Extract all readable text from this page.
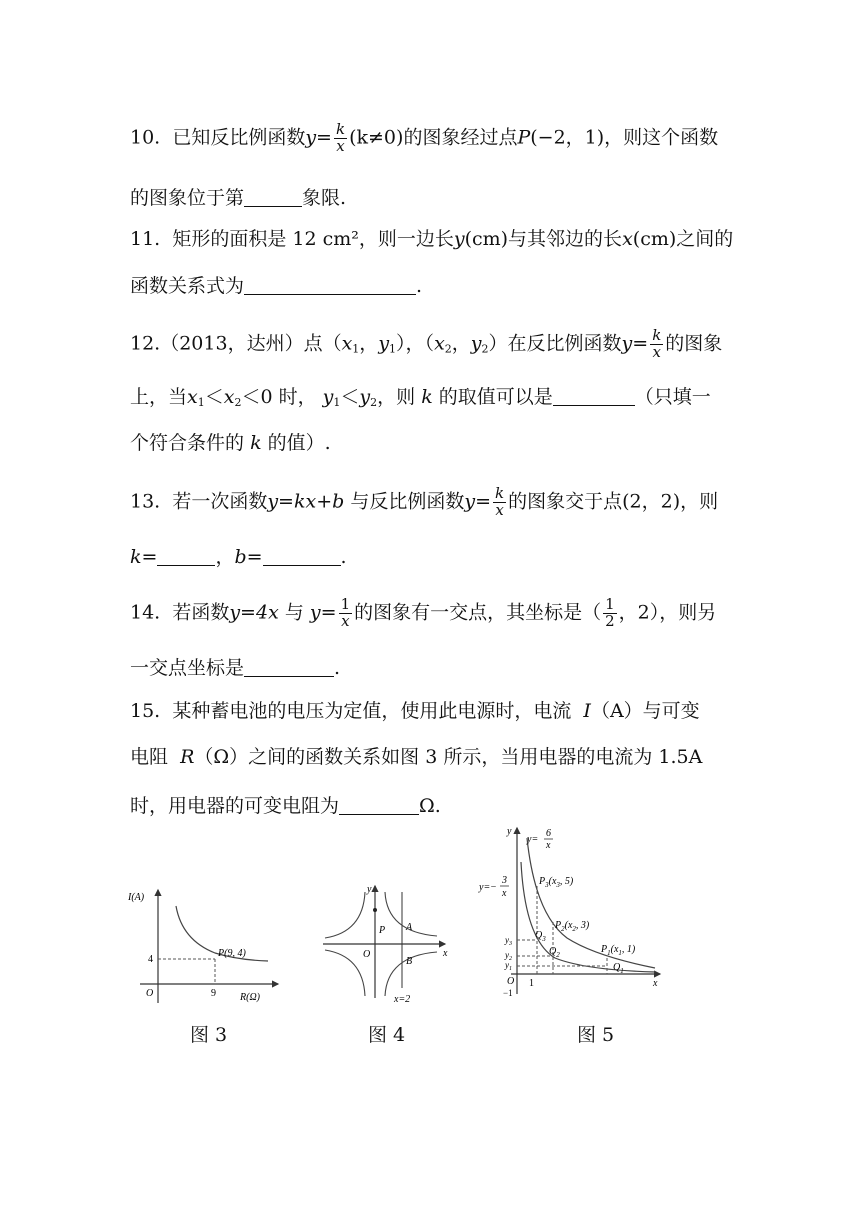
10. 已知反比例函数$y= \frac{k}{x} (k\ne 0)$的图象经过点P(−2，1)，则这个函数
的图象位于第	象限.
11. 矩形的面积是 12 cm²，则一边长y(cm)与其邻边的长x(cm)之间的
函数关系式为	.
12.（2013，达州）点（$x_1$，$y_1$），（$x_2$，$y_2$）在反比例函数$y= \frac{k}{x}$ 的图象
上，当$x_1<x_2<0$ 时， $y_1<y_2$，则 k 的取值可以是	（只填一
个符合条件的 k 的值）.
13. 若一次函数y=kx+b 与反比例函数$y= \frac{k}{x}$ 的图象交于点(2，2)，则
k=	，b=	.
14. 若函数y=4x 与 $y= \frac{1}{x}$ 的图象有一交点，其坐标是（ $\frac{1}{2}$ ，2），则另
一交点坐标是	.
15. 某种蓄电池的电压为定值，使用此电源时，电流 I（A）与可变
电阻 R（Ω）之间的函数关系如图 3 所示，当用电器的电流为 1.5A
时，用电器的可变电阻为	Ω.
I(A)
R(Ω)
O
P(9, 4)
4
9
图 3
y
x
O
P A
B
x=2
图 4
y
x
O 1
−1
y=
6
x
y=−
3
x
$P_3(x_3$, 5)
$P_2(x_2$, 3)
$P_1(x_1$, 1)
$Q_3$
$Q_2$
$Q_1$
$y_3$
$y_2$
$y_1$
图 5
